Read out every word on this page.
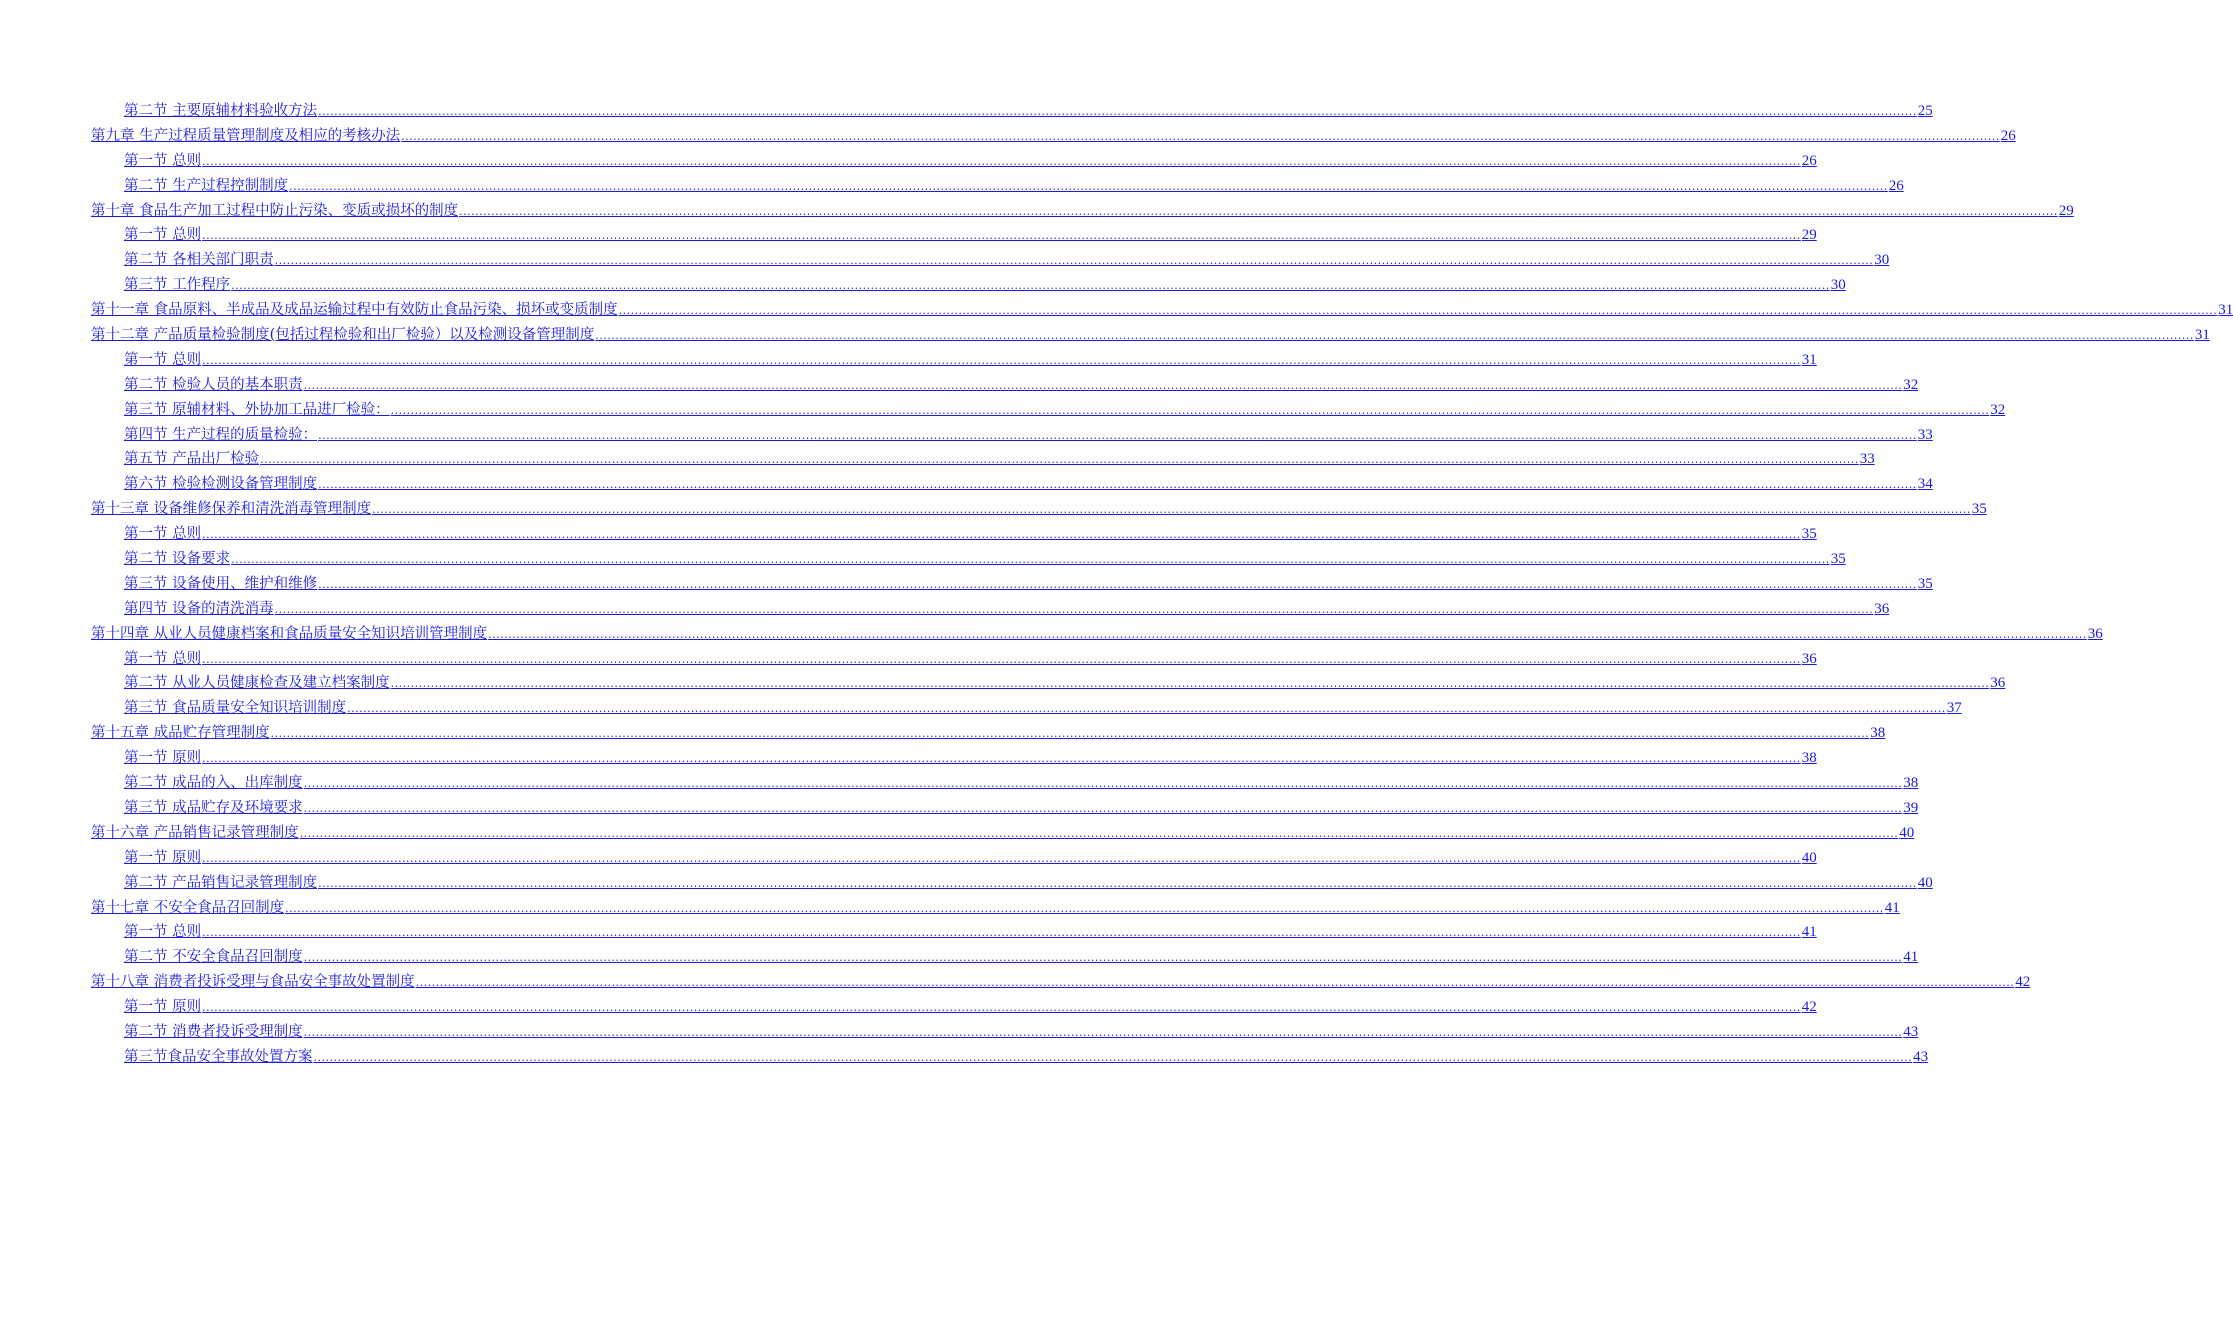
第二节 主要原辅材料验收方法 ................................................................................................................................................................................................................................................................................................................................................................................................................ 25
第九章 生产过程质量管理制度及相应的考核办法 ................................................................................................................................................................................................................................................................................................................................................................................................................ 26
第一节 总则 ................................................................................................................................................................................................................................................................................................................................................................................................................ 26
第二节 生产过程控制制度 ................................................................................................................................................................................................................................................................................................................................................................................................................ 26
第十章 食品生产加工过程中防止污染、变质或损坏的制度 ................................................................................................................................................................................................................................................................................................................................................................................................................ 29
第一节 总则 ................................................................................................................................................................................................................................................................................................................................................................................................................ 29
第二节 各相关部门职责 ................................................................................................................................................................................................................................................................................................................................................................................................................ 30
第三节 工作程序 ................................................................................................................................................................................................................................................................................................................................................................................................................ 30
第十一章 食品原料、半成品及成品运输过程中有效防止食品污染、损坏或变质制度 ................................................................................................................................................................................................................................................................................................................................................................................................................ 31
第十二章 产品质量检验制度(包括过程检验和出厂检验）以及检测设备管理制度 ................................................................................................................................................................................................................................................................................................................................................................................................................ 31
第一节 总则 ................................................................................................................................................................................................................................................................................................................................................................................................................ 31
第二节 检验人员的基本职责 ................................................................................................................................................................................................................................................................................................................................................................................................................ 32
第三节 原辅材料、外协加工品进厂检验： ................................................................................................................................................................................................................................................................................................................................................................................................................ 32
第四节 生产过程的质量检验： ................................................................................................................................................................................................................................................................................................................................................................................................................ 33
第五节 产品出厂检验 ................................................................................................................................................................................................................................................................................................................................................................................................................ 33
第六节 检验检测设备管理制度 ................................................................................................................................................................................................................................................................................................................................................................................................................ 34
第十三章 设备维修保养和清洗消毒管理制度 ................................................................................................................................................................................................................................................................................................................................................................................................................ 35
第一节 总则 ................................................................................................................................................................................................................................................................................................................................................................................................................ 35
第二节 设备要求 ................................................................................................................................................................................................................................................................................................................................................................................................................ 35
第三节 设备使用、维护和维修 ................................................................................................................................................................................................................................................................................................................................................................................................................ 35
第四节 设备的清洗消毒 ................................................................................................................................................................................................................................................................................................................................................................................................................ 36
第十四章 从业人员健康档案和食品质量安全知识培训管理制度 ................................................................................................................................................................................................................................................................................................................................................................................................................ 36
第一节 总则 ................................................................................................................................................................................................................................................................................................................................................................................................................ 36
第二节 从业人员健康检查及建立档案制度 ................................................................................................................................................................................................................................................................................................................................................................................................................ 36
第三节 食品质量安全知识培训制度 ................................................................................................................................................................................................................................................................................................................................................................................................................ 37
第十五章 成品贮存管理制度 ................................................................................................................................................................................................................................................................................................................................................................................................................ 38
第一节 原则 ................................................................................................................................................................................................................................................................................................................................................................................................................ 38
第二节 成品的入、出库制度 ................................................................................................................................................................................................................................................................................................................................................................................................................ 38
第三节 成品贮存及环境要求 ................................................................................................................................................................................................................................................................................................................................................................................................................ 39
第十六章 产品销售记录管理制度 ................................................................................................................................................................................................................................................................................................................................................................................................................ 40
第一节 原则 ................................................................................................................................................................................................................................................................................................................................................................................................................ 40
第二节 产品销售记录管理制度 ................................................................................................................................................................................................................................................................................................................................................................................................................ 40
第十七章 不安全食品召回制度 ................................................................................................................................................................................................................................................................................................................................................................................................................ 41
第一节 总则 ................................................................................................................................................................................................................................................................................................................................................................................................................ 41
第二节 不安全食品召回制度 ................................................................................................................................................................................................................................................................................................................................................................................................................ 41
第十八章 消费者投诉受理与食品安全事故处置制度 ................................................................................................................................................................................................................................................................................................................................................................................................................ 42
第一节 原则 ................................................................................................................................................................................................................................................................................................................................................................................................................ 42
第二节 消费者投诉受理制度 ................................................................................................................................................................................................................................................................................................................................................................................................................ 43
第三节食品安全事故处置方案 ................................................................................................................................................................................................................................................................................................................................................................................................................ 43
